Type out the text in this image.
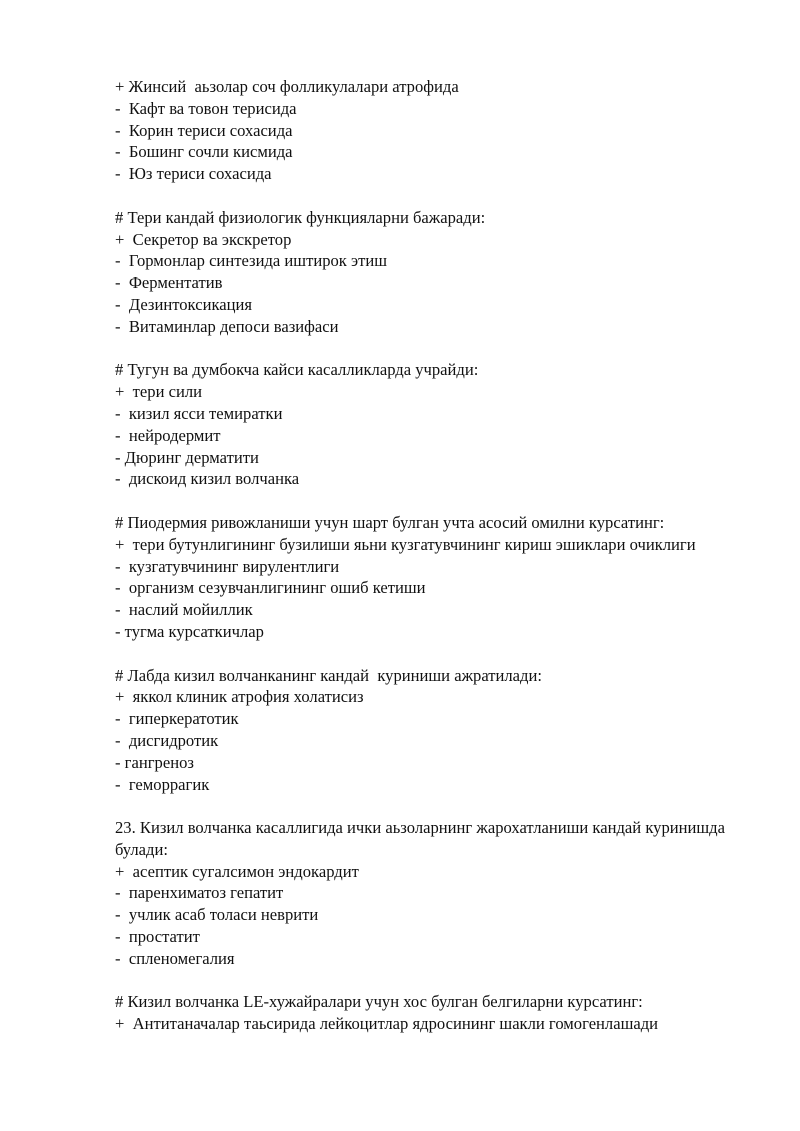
+ Жинсий  аьзолар соч фолликулалари атрофида
-  Кафт ва товон терисида
-  Корин териси сохасида
-  Бошинг сочли кисмида
-  Юз териси сохасида
# Тери кандай физиологик функцияларни бажаради:
+  Секретор ва экскретор
-  Гормонлар синтезида иштирок этиш
-  Ферментатив
-  Дезинтоксикация
-  Витаминлар депоси вазифаси
# Тугун ва думбокча кайси касалликларда учрайди:
+  тери сили
-  кизил ясси темиратки
-  нейродермит
- Дюринг дерматити
-  дискоид кизил волчанка
# Пиодермия ривожланиши учун шарт булган учта асосий омилни курсатинг:
+  тери бутунлигининг бузилиши яьни кузгатувчининг кириш эшиклари очиклиги
-  кузгатувчининг вирулентлиги
-  организм сезувчанлигининг ошиб кетиши
-  наслий мойиллик
- тугма курсаткичлар
# Лабда кизил волчанканинг кандай  куриниши ажратилади:
+  яккол клиник атрофия холатисиз
-  гиперкератотик
-  дисгидротик
- гангреноз
-  геморрагик
23. Кизил волчанка касаллигида ички аьзоларнинг жарохатланиши кандай куринишда булади:
+  асептик сугалсимон эндокардит
-  паренхиматоз гепатит
-  учлик асаб толаси неврити
-  простатит
-  спленомегалия
# Кизил волчанка LE-хужайралари учун хос булган белгиларни курсатинг:
+  Антитаначалар таьсирида лейкоцитлар ядросининг шакли гомогенлашади
